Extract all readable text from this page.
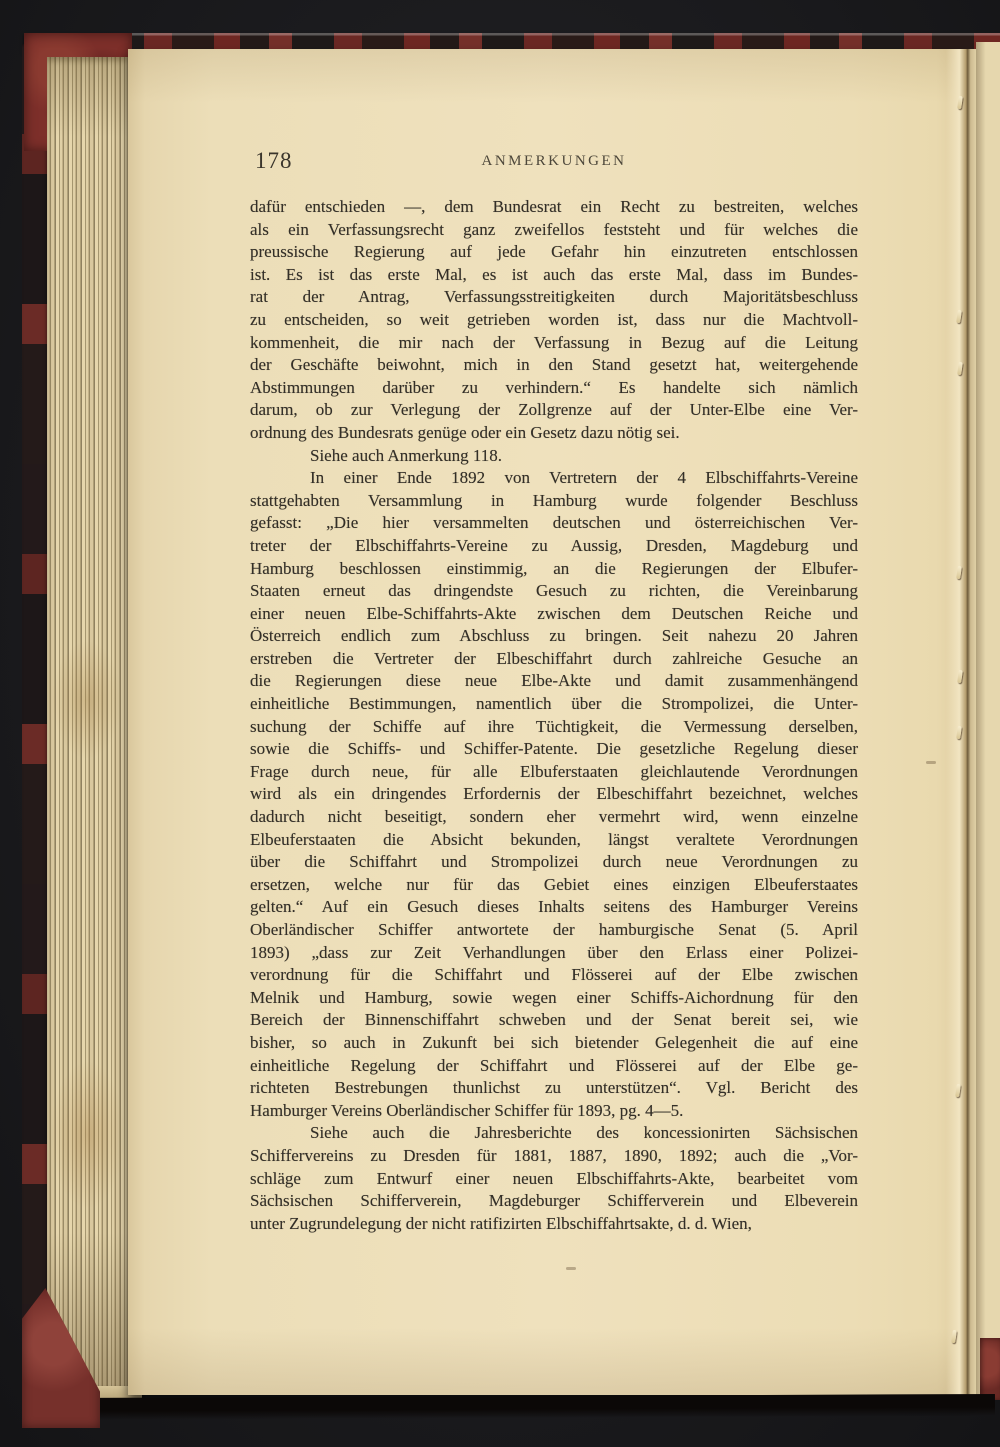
178	ANMERKUNGEN
dafür entschieden —, dem Bundesrat ein Recht zu bestreiten, welches
als ein Verfassungsrecht ganz zweifellos feststeht und für welches die
preussische Regierung auf jede Gefahr hin einzutreten entschlossen
ist. Es ist das erste Mal, es ist auch das erste Mal, dass im Bundes-
rat der Antrag, Verfassungsstreitigkeiten durch Majoritätsbeschluss
zu entscheiden, so weit getrieben worden ist, dass nur die Machtvoll-
kommenheit, die mir nach der Verfassung in Bezug auf die Leitung
der Geschäfte beiwohnt, mich in den Stand gesetzt hat, weitergehende
Abstimmungen darüber zu verhindern.“ Es handelte sich nämlich
darum, ob zur Verlegung der Zollgrenze auf der Unter-Elbe eine Ver-
ordnung des Bundesrats genüge oder ein Gesetz dazu nötig sei.
Siehe auch Anmerkung 118.
In einer Ende 1892 von Vertretern der 4 Elbschiffahrts-Vereine
stattgehabten Versammlung in Hamburg wurde folgender Beschluss
gefasst: „Die hier versammelten deutschen und österreichischen Ver-
treter der Elbschiffahrts-Vereine zu Aussig, Dresden, Magdeburg und
Hamburg beschlossen einstimmig, an die Regierungen der Elbufer-
Staaten erneut das dringendste Gesuch zu richten, die Vereinbarung
einer neuen Elbe-Schiffahrts-Akte zwischen dem Deutschen Reiche und
Österreich endlich zum Abschluss zu bringen. Seit nahezu 20 Jahren
erstreben die Vertreter der Elbeschiffahrt durch zahlreiche Gesuche an
die Regierungen diese neue Elbe-Akte und damit zusammenhängend
einheitliche Bestimmungen, namentlich über die Strompolizei, die Unter-
suchung der Schiffe auf ihre Tüchtigkeit, die Vermessung derselben,
sowie die Schiffs- und Schiffer-Patente. Die gesetzliche Regelung dieser
Frage durch neue, für alle Elbuferstaaten gleichlautende Verordnungen
wird als ein dringendes Erfordernis der Elbeschiffahrt bezeichnet, welches
dadurch nicht beseitigt, sondern eher vermehrt wird, wenn einzelne
Elbeuferstaaten die Absicht bekunden, längst veraltete Verordnungen
über die Schiffahrt und Strompolizei durch neue Verordnungen zu
ersetzen, welche nur für das Gebiet eines einzigen Elbeuferstaates
gelten.“ Auf ein Gesuch dieses Inhalts seitens des Hamburger Vereins
Oberländischer Schiffer antwortete der hamburgische Senat (5. April
1893) „dass zur Zeit Verhandlungen über den Erlass einer Polizei-
verordnung für die Schiffahrt und Flösserei auf der Elbe zwischen
Melnik und Hamburg, sowie wegen einer Schiffs-Aichordnung für den
Bereich der Binnenschiffahrt schweben und der Senat bereit sei, wie
bisher, so auch in Zukunft bei sich bietender Gelegenheit die auf eine
einheitliche Regelung der Schiffahrt und Flösserei auf der Elbe ge-
richteten Bestrebungen thunlichst zu unterstützen“. Vgl. Bericht des
Hamburger Vereins Oberländischer Schiffer für 1893, pg. 4—5.
Siehe auch die Jahresberichte des koncessionirten Sächsischen
Schiffervereins zu Dresden für 1881, 1887, 1890, 1892; auch die „Vor-
schläge zum Entwurf einer neuen Elbschiffahrts-Akte, bearbeitet vom
Sächsischen Schifferverein, Magdeburger Schifferverein und Elbeverein
unter Zugrundelegung der nicht ratifizirten Elbschiffahrtsakte, d. d. Wien,
